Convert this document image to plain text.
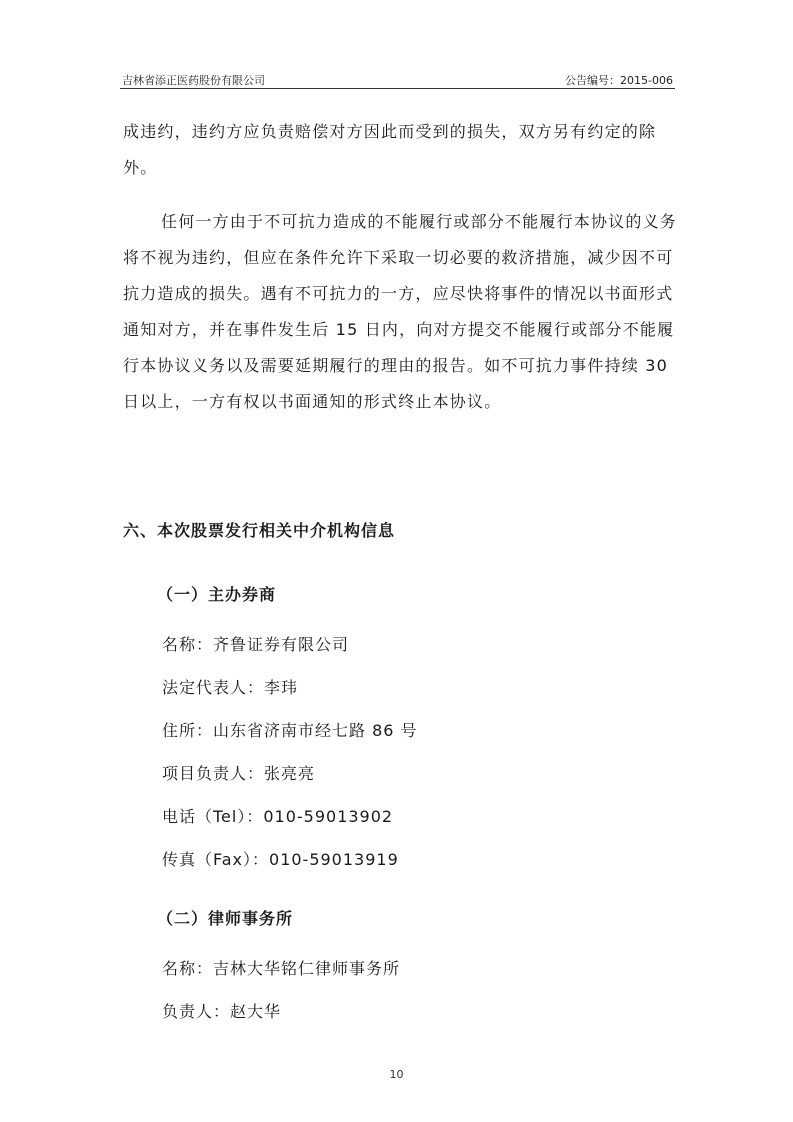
吉林省添正医药股份有限公司	公告编号：2015-006
成违约，违约方应负责赔偿对方因此而受到的损失，双方另有约定的除外。
任何一方由于不可抗力造成的不能履行或部分不能履行本协议的义务将不视为违约，但应在条件允许下采取一切必要的救济措施，减少因不可抗力造成的损失。遇有不可抗力的一方，应尽快将事件的情况以书面形式通知对方，并在事件发生后 15 日内，向对方提交不能履行或部分不能履行本协议义务以及需要延期履行的理由的报告。如不可抗力事件持续 30 日以上，一方有权以书面通知的形式终止本协议。
六、本次股票发行相关中介机构信息
（一）主办券商
名称：齐鲁证券有限公司
法定代表人：李玮
住所：山东省济南市经七路 86 号
项目负责人：张亮亮
电话（Tel）：010-59013902
传真（Fax）：010-59013919
（二）律师事务所
名称：吉林大华铭仁律师事务所
负责人：赵大华
10
